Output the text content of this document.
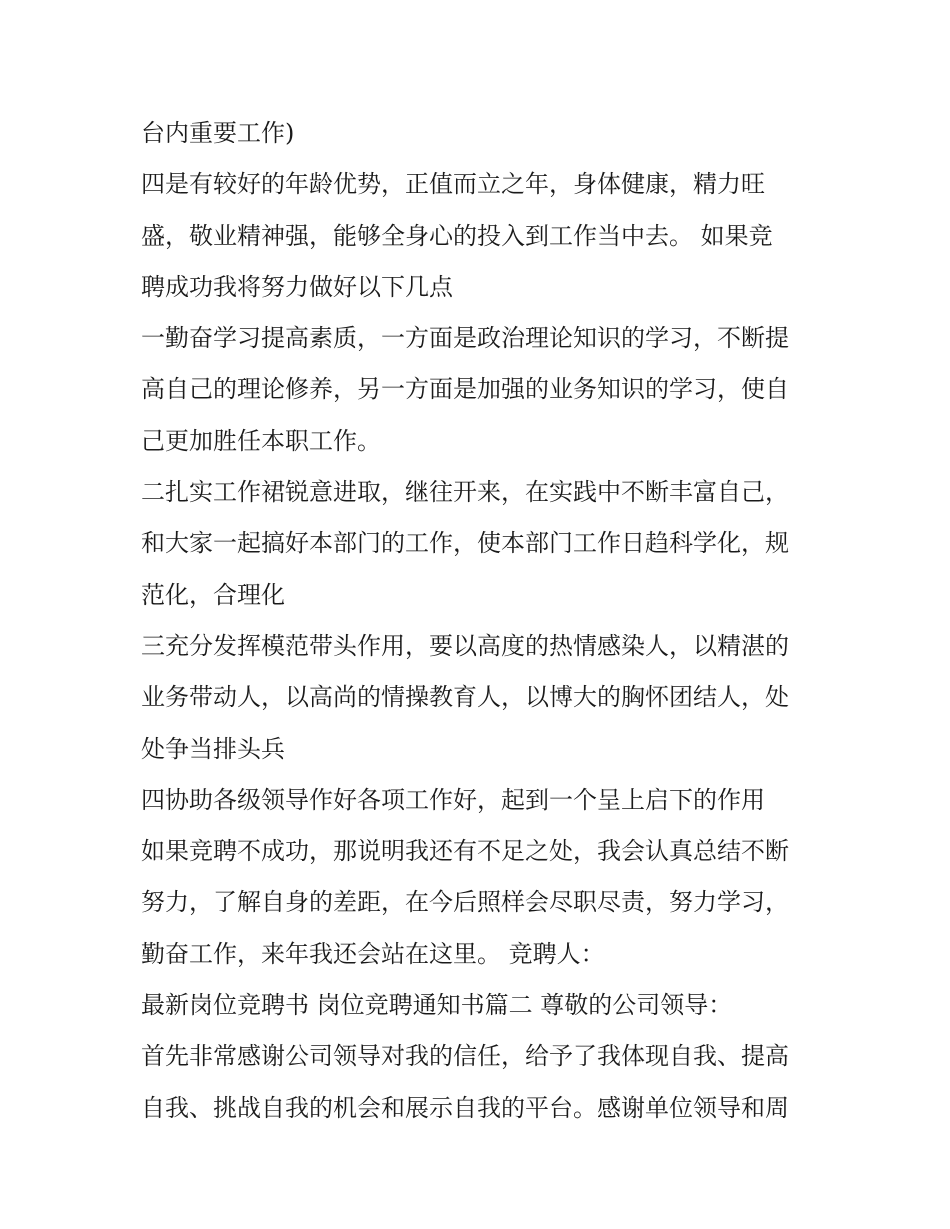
台内重要工作)
四是有较好的年龄优势，正值而立之年，身体健康，精力旺
盛，敬业精神强，能够全身心的投入到工作当中去。 如果竞
聘成功我将努力做好以下几点
一勤奋学习提高素质，一方面是政治理论知识的学习，不断提
高自己的理论修养，另一方面是加强的业务知识的学习，使自
己更加胜任本职工作。
二扎实工作裙锐意进取，继往开来，在实践中不断丰富自己，
和大家一起搞好本部门的工作，使本部门工作日趋科学化，规
范化，合理化
三充分发挥模范带头作用，要以高度的热情感染人，以精湛的
业务带动人，以高尚的情操教育人，以博大的胸怀团结人，处
处争当排头兵
四协助各级领导作好各项工作好，起到一个呈上启下的作用
如果竞聘不成功，那说明我还有不足之处，我会认真总结不断
努力，了解自身的差距，在今后照样会尽职尽责，努力学习，
勤奋工作，来年我还会站在这里。 竞聘人：
最新岗位竞聘书 岗位竞聘通知书篇二 尊敬的公司领导：
首先非常感谢公司领导对我的信任，给予了我体现自我、提高
自我、挑战自我的机会和展示自我的平台。感谢单位领导和周
